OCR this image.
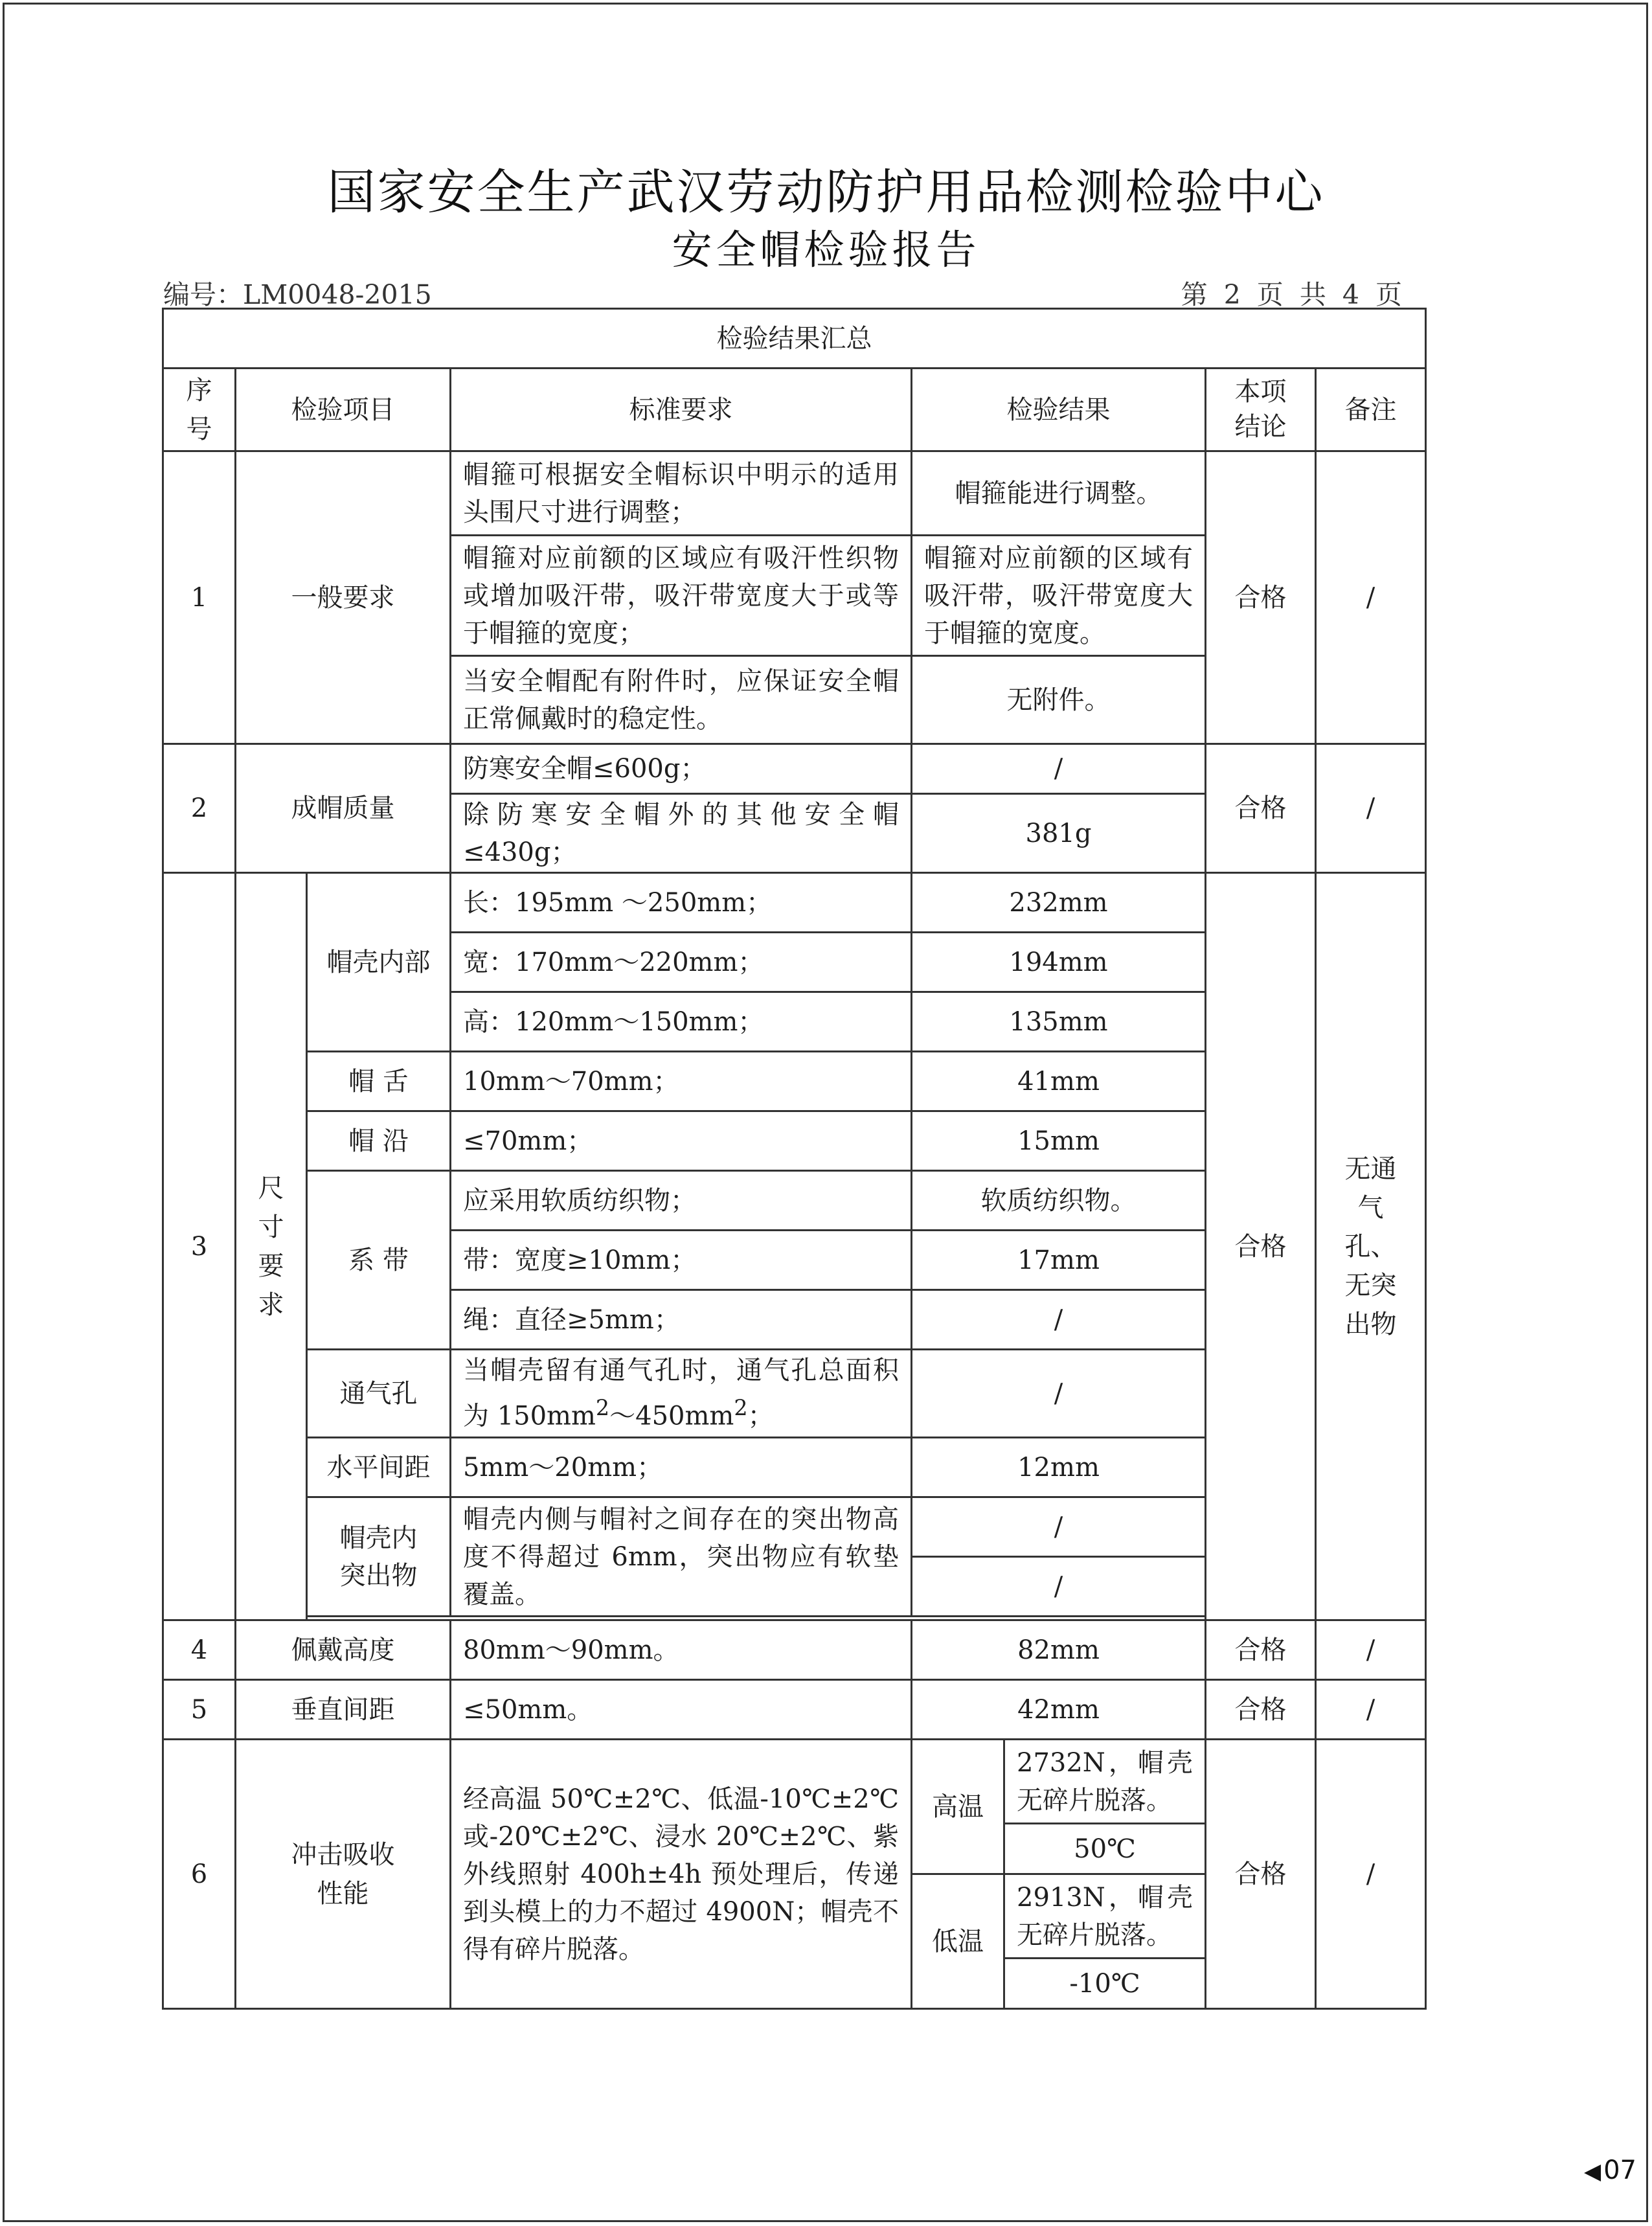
国家安全生产武汉劳动防护用品检测检验中心
安全帽检验报告
编号：LM0048-2015	第 2 页 共 4 页
检验结果汇总							
序号	检验项目		标准要求	检验结果		本项结论	备注
1	一般要求		帽箍可根据安全帽标识中明示的适用头围尺寸进行调整；	帽箍能进行调整。		合格	/
			帽箍对应前额的区域应有吸汗性织物或增加吸汗带，吸汗带宽度大于或等于帽箍的宽度；	帽箍对应前额的区域有吸汗带，吸汗带宽度大于帽箍的宽度。			
			当安全帽配有附件时，应保证安全帽正常佩戴时的稳定性。	无附件。			
2	成帽质量		防寒安全帽≤600g；	/		合格	/
			除防寒安全帽外的其他安全帽≤430g；	381g			
3	尺寸要求	帽壳内部	长：195mm ～250mm；	232mm		合格	无通气孔、无突出物
			宽：170mm～220mm；	194mm			
			高：120mm～150mm；	135mm			
		帽 舌	10mm～70mm；	41mm			
		帽 沿	≤70mm；	15mm			
		系 带	应采用软质纺织物；	软质纺织物。			
			带：宽度≥10mm；	17mm			
			绳：直径≥5mm；	/			
		通气孔	当帽壳留有通气孔时，通气孔总面积为 $150mm^2\sim 450mm^2$；	/			
		水平间距	5mm～20mm；	12mm			
		帽壳内突出物	帽壳内侧与帽衬之间存在的突出物高度不得超过 6mm，突出物应有软垫覆盖。	/			
				/			

4	佩戴高度		80mm～90mm。	82mm		合格	/
5	垂直间距		≤50mm。	42mm		合格	/
6	冲击吸收性能		经高温 50℃±2℃、低温-10℃±2℃或-20℃±2℃、浸水 20℃±2℃、紫外线照射 400h±4h 预处理后，传递到头模上的力不超过 4900N；帽壳不得有碎片脱落。	高温	2732N，帽壳无碎片脱落。	合格	/
					50℃		
				低温	2913N，帽壳无碎片脱落。		
					-10℃		
◀ 07
